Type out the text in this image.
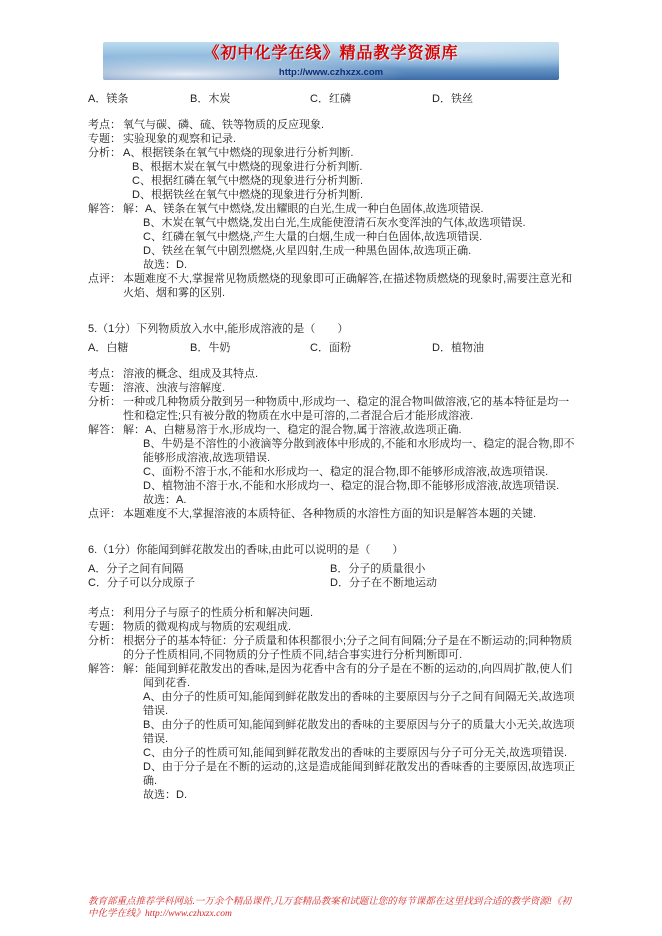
《初中化学在线》精品教学资源库
http://www.czhxzx.com
A．镁条	B．木炭	C．红磷	D．铁丝
考点： 氧气与碳、磷、硫、铁等物质的反应现象.
专题： 实验现象的观察和记录.
分析： A、根据镁条在氧气中燃烧的现象进行分析判断.
B、根据木炭在氧气中燃烧的现象进行分析判断.
C、根据红磷在氧气中燃烧的现象进行分析判断.
D、根据铁丝在氧气中燃烧的现象进行分析判断.
解答： 解：A、镁条在氧气中燃烧,发出耀眼的白光,生成一种白色固体,故选项错误.
B、木炭在氧气中燃烧,发出白光,生成能使澄清石灰水变浑浊的气体,故选项错误.
C、红磷在氧气中燃烧,产生大量的白烟,生成一种白色固体,故选项错误.
D、铁丝在氧气中剧烈燃烧,火星四射,生成一种黑色固体,故选项正确.
故选：D.
点评： 本题难度不大,掌握常见物质燃烧的现象即可正确解答,在描述物质燃烧的现象时,需要注意光和火焰、烟和雾的区别.
5.（1分）下列物质放入水中,能形成溶液的是（　　）
A．白糖	B．牛奶	C．面粉	D．植物油
考点： 溶液的概念、组成及其特点.
专题： 溶液、浊液与溶解度.
分析： 一种或几种物质分散到另一种物质中,形成均一、稳定的混合物叫做溶液,它的基本特征是均一性和稳定性;只有被分散的物质在水中是可溶的,二者混合后才能形成溶液.
解答： 解：A、白糖易溶于水,形成均一、稳定的混合物,属于溶液,故选项正确.
B、牛奶是不溶性的小液滴等分散到液体中形成的,不能和水形成均一、稳定的混合物,即不能够形成溶液,故选项错误.
C、面粉不溶于水,不能和水形成均一、稳定的混合物,即不能够形成溶液,故选项错误.
D、植物油不溶于水,不能和水形成均一、稳定的混合物,即不能够形成溶液,故选项错误.
故选：A.
点评： 本题难度不大,掌握溶液的本质特征、各种物质的水溶性方面的知识是解答本题的关键.
6.（1分）你能闻到鲜花散发出的香味,由此可以说明的是（　　）
A．分子之间有间隔	B．分子的质量很小
C．分子可以分成原子	D．分子在不断地运动
考点： 利用分子与原子的性质分析和解决问题.
专题： 物质的微观构成与物质的宏观组成.
分析： 根据分子的基本特征：分子质量和体积都很小;分子之间有间隔;分子是在不断运动的;同种物质的分子性质相同,不同物质的分子性质不同,结合事实进行分析判断即可.
解答： 解：能闻到鲜花散发出的香味,是因为花香中含有的分子是在不断的运动的,向四周扩散,使人们闻到花香.
A、由分子的性质可知,能闻到鲜花散发出的香味的主要原因与分子之间有间隔无关,故选项错误.
B、由分子的性质可知,能闻到鲜花散发出的香味的主要原因与分子的质量大小无关,故选项错误.
C、由分子的性质可知,能闻到鲜花散发出的香味的主要原因与分子可分无关,故选项错误.
D、由于分子是在不断的运动的,这是造成能闻到鲜花散发出的香味香的主要原因,故选项正确.
故选：D.
教育部重点推荐学科网站.一万余个精品课件,几万套精品教案和试题让您的每节课都在这里找到合适的教学资源!《初中化学在线》http://www.czhxzx.com
